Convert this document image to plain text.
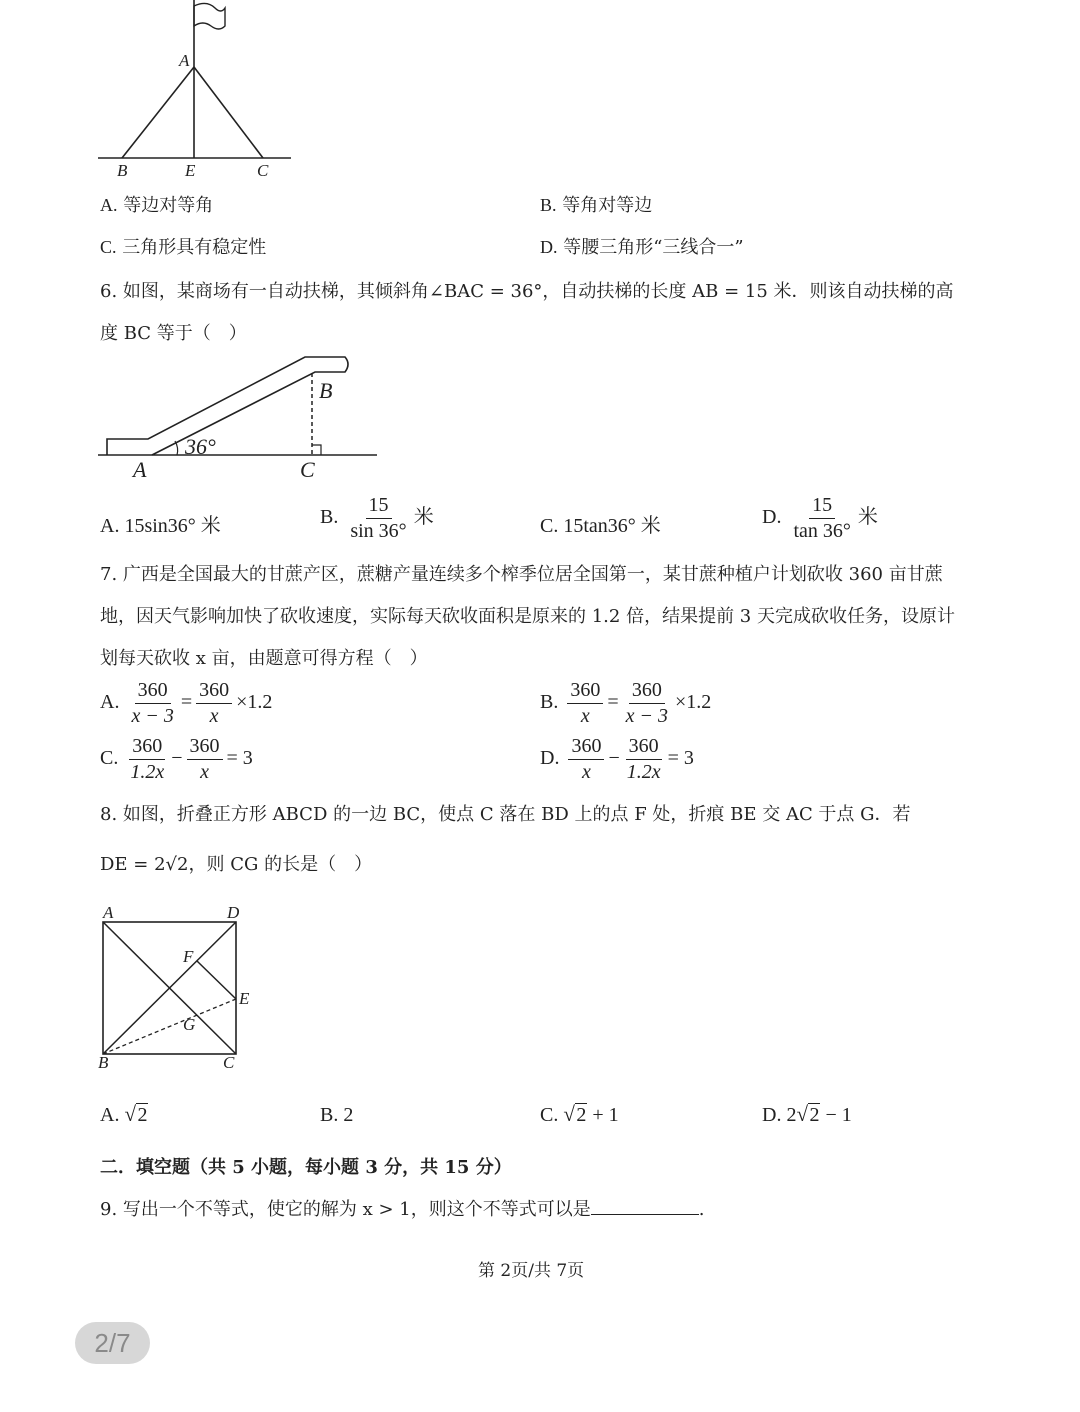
A
B	E	C
A. 等边对等角	B. 等角对等边
C. 三角形具有稳定性	D. 等腰三角形“三线合一”
6. 如图，某商场有一自动扶梯，其倾斜角∠BAC = 36°，自动扶梯的长度 AB = 15 米．则该自动扶梯的高
度 BC 等于（　）
B
36°
A	C
A. 15sin36° 米	B. $\frac{15}{\sin 36^\circ}$ 米	C. 15tan36° 米	D. $\frac{15}{\tan 36^\circ}$ 米
7. 广西是全国最大的甘蔗产区，蔗糖产量连续多个榨季位居全国第一，某甘蔗种植户计划砍收 360 亩甘蔗
地，因天气影响加快了砍收速度，实际每天砍收面积是原来的 1.2 倍，结果提前 3 天完成砍收任务，设原计
划每天砍收 x 亩，由题意可得方程（　）
A. $\frac{360}{x - 3} = \frac{360}{x} \times 1.2$	B. $\frac{360}{x} = \frac{360}{x - 3} \times 1.2$
C. $\frac{360}{1.2x} - \frac{360}{x} = 3$	D. $\frac{360}{x} - \frac{360}{1.2x} = 3$
8. 如图，折叠正方形 ABCD 的一边 BC，使点 C 落在 BD 上的点 F 处，折痕 BE 交 AC 于点 G．若
DE = 2√2，则 CG 的长是（　）
A	D
F
E
G
B	C
A. √ 2	B. 2	C. √ 2 + 1	D. 2 √ 2 − 1
二．填空题（共 5 小题，每小题 3 分，共 15 分）
9. 写出一个不等式，使它的解为 x > 1，则这个不等式可以是	.
第 2页/共 7页
2/7
